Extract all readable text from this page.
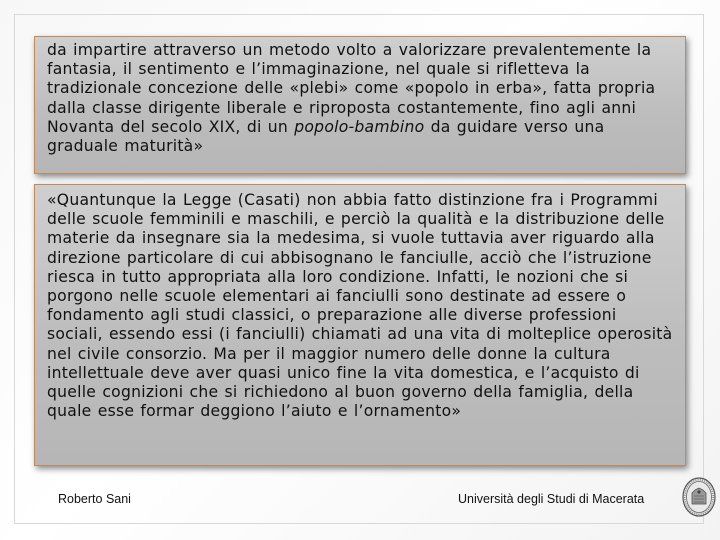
da impartire attraverso un metodo volto a valorizzare prevalentemente la fantasia, il sentimento e l’immaginazione, nel quale si rifletteva la tradizionale concezione delle «plebi» come «popolo in erba», fatta propria dalla classe dirigente liberale e riproposta costantemente, fino agli anni Novanta del secolo XIX, di un popolo-bambino da guidare verso una graduale maturità»

«Quantunque la Legge (Casati) non abbia fatto distinzione fra i Programmi delle scuole femminili e maschili, e perciò la qualità e la distribuzione delle materie da insegnare sia la medesima, si vuole tuttavia aver riguardo alla direzione particolare di cui abbisognano le fanciulle, acciò che l’istruzione riesca in tutto appropriata alla loro condizione. Infatti, le nozioni che si porgono nelle scuole elementari ai fanciulli sono destinate ad essere o fondamento agli studi classici, o preparazione alle diverse professioni sociali, essendo essi (i fanciulli) chiamati ad una vita di molteplice operosità nel civile consorzio. Ma per il maggior numero delle donne la cultura intellettuale deve aver quasi unico fine la vita domestica, e l’acquisto di quelle cognizioni che si richiedono al buon governo della famiglia, della quale esse formar deggiono l’aiuto e l’ornamento»

Roberto Sani	Università degli Studi di Macerata
